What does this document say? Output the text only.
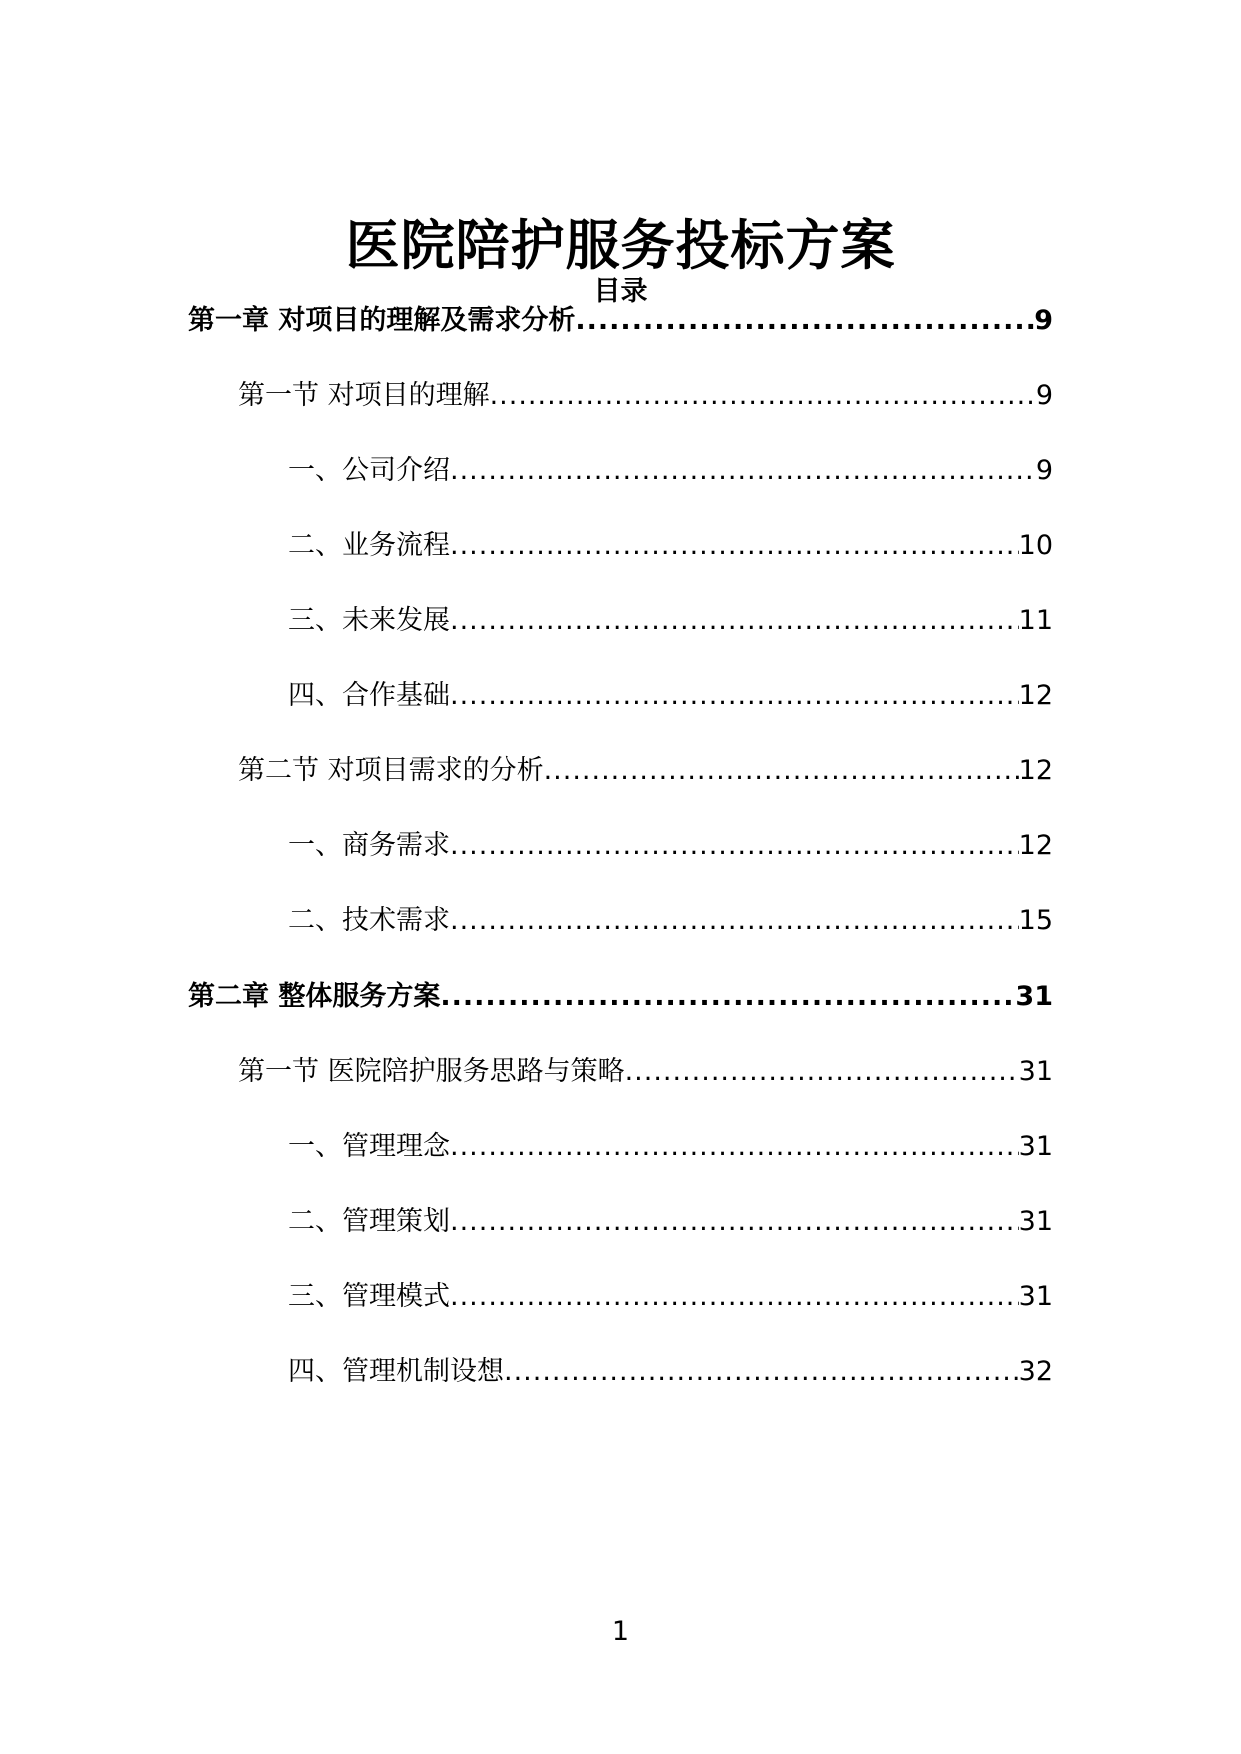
医院陪护服务投标方案
目录
第一章 对项目的理解及需求分析 .....	9
第一节 对项目的理解 .....	9
一、公司介绍 .....	9
二、业务流程 .....	10
三、未来发展 .....	11
四、合作基础 .....	12
第二节 对项目需求的分析 .....	12
一、商务需求 .....	12
二、技术需求 .....	15
第二章 整体服务方案 .....	31
第一节 医院陪护服务思路与策略 .....	31
一、管理理念 .....	31
二、管理策划 .....	31
三、管理模式 .....	31
四、管理机制设想 .....	32
1
